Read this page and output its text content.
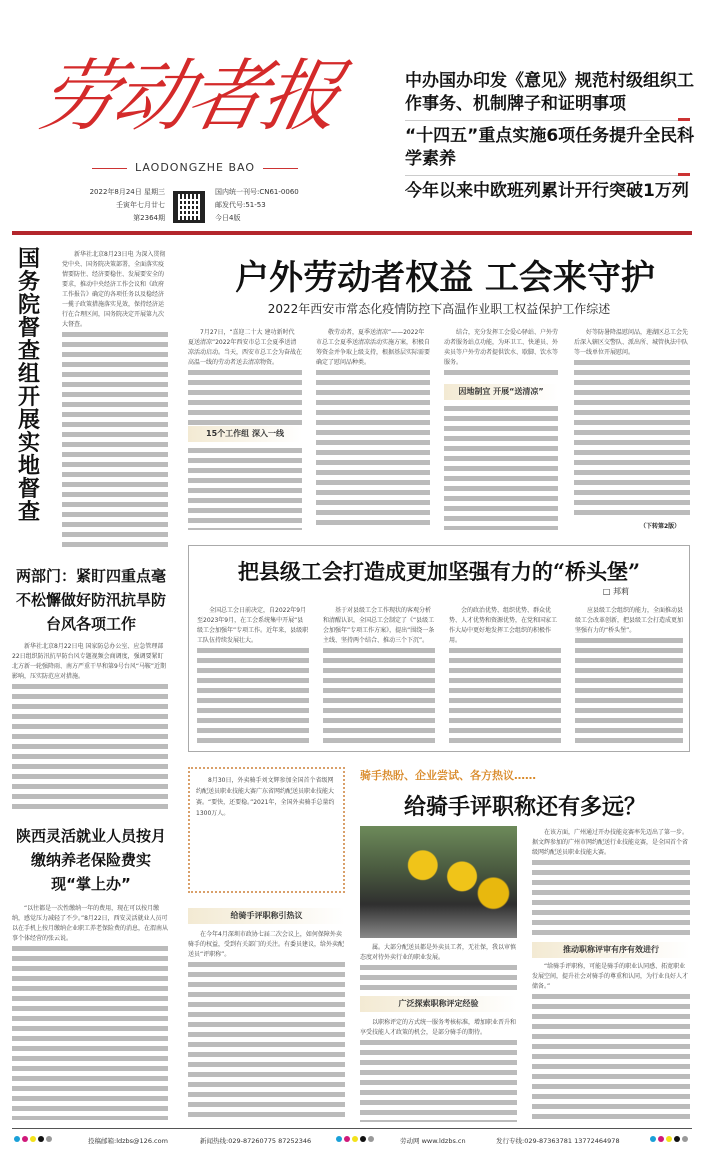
劳动者报
LAODONGZHE BAO
2022年8月24日 星期三
壬寅年七月廿七
第2364期
国内统一刊号:CN61-0060
邮发代号:51-53
今日4版
中办国办印发《意见》规范村级组织工作事务、机制牌子和证明事项
“十四五”重点实施6项任务提升全民科学素养
今年以来中欧班列累计开行突破1万列
国务院督查组开展实地督查

新华社北京8月23日电 为深入贯彻党中央、国务院决策部署，全面落实疫情要防住、经济要稳住、发展要安全的要求，推动中央经济工作会议和《政府工作报告》确定的各项任务以及稳经济一揽子政策措施落实见效，保持经济运行在合理区间，国务院决定开展第九次大督查。

两部门：紧盯四重点毫不松懈做好防汛抗旱防台风各项工作

新华社北京8月22日电 国家防总办公室、应急管理部22日组织防汛抗旱防台风专题视频会商调度，强调要紧盯北方新一轮强降雨、南方严重干旱和第9号台风“马鞍”近期影响，压实防范应对措施。

陕西灵活就业人员按月缴纳养老保险费实现“掌上办”

“以往都是一次性缴纳一年的费用，现在可以按月缴纳，感觉压力减轻了不少。”8月22日，西安灵活就业人员可以在手机上按月缴纳企业职工养老保险费的消息，在渭南从事个体经营的张云说。

户外劳动者权益 工会来守护
2022年西安市常态化疫情防控下高温作业职工权益保护工作综述

7月27日，“喜迎二十大 建功新时代 夏送清凉”2022年西安市总工会夏季送清凉活动启动。当天，西安市总工会为奋战在高温一线的劳动者送去清凉物资。

15个工作组 深入一线

敬劳动者，夏季送清凉”——2022年市总工会夏季送清凉活动实施方案，积极自筹资金并争取上级支持，根据基层实际需要确定了慰问品种类。

结合，充分发挥工会爱心驿站、户外劳动者服务站点功能，为环卫工、快递员、外卖员等户外劳动者提供饮水、歇脚、饮水等服务。

因地制宜 开展“送清凉”

好等防暑降温慰问品，莲湖区总工会先后深入辖区交警队、派出所、城管执法中队等一线单位开展慰问。

（下转第2版）
把县级工会打造成更加坚强有力的“桥头堡”
□ 邦莉

全国总工会日前决定，自2022年9月至2023年9月，在工会系统集中开展“县级工会加强年”专项工作。近年来，县级职工队伍持续发展壮大。

基于对县级工会工作现状的客观分析和清醒认识，全国总工会制定了《“县级工会加强年”专项工作方案》，提出“围绕一条主线、坚持两个结合、推动三个下沉”。

会的政治优势、组织优势、群众优势、人才优势和资源优势，在党和国家工作大局中更好地发挥工会组织的积极作用。

应县级工会组织的能力，全面推动县级工会改革创新，把县级工会打造成更加坚强有力的“桥头堡”。

8月30日，外卖骑手刘文辉参加全国首个省级网约配送员职业技能大赛广东省网约配送员职业技能大赛。“要快，还要稳。”2021年，全国外卖骑手总量约1300万人。

骑手热盼、企业尝试、各方热议……
给骑手评职称还有多远？
给骑手评职称引热议

在今年4月深圳市政协七届二次会议上，如何保障外卖骑手的权益，受到有关部门的关注。有委员建议，给外卖配送员“评职称”。

属。大部分配送员都是外卖员工者，无社保，我以审慎态度对待外卖行业的职业发展。

广泛探索职称评定经验

以职称评定的方式统一服务考核标准，增加职业晋升和享受技能人才政策的机会，是部分骑手的期待。

在该方面，广州通过开办技能竞赛率先迈出了第一步。据文辉参加的广州市网约配送行业技能竞赛，是全国首个省级网约配送员职业技能大赛。

推动职称评审有序有效进行

“给骑手评职称，可能是骑手的职业认同感、拓宽职业发展空间，提升社会对骑手的尊重和认同，为行业良好人才储备。”

投稿邮箱:ldzbs@126.com	新闻热线:029-87260775 87252346	劳动网 www.ldzbs.cn	发行专线:029-87363781 13772464978
